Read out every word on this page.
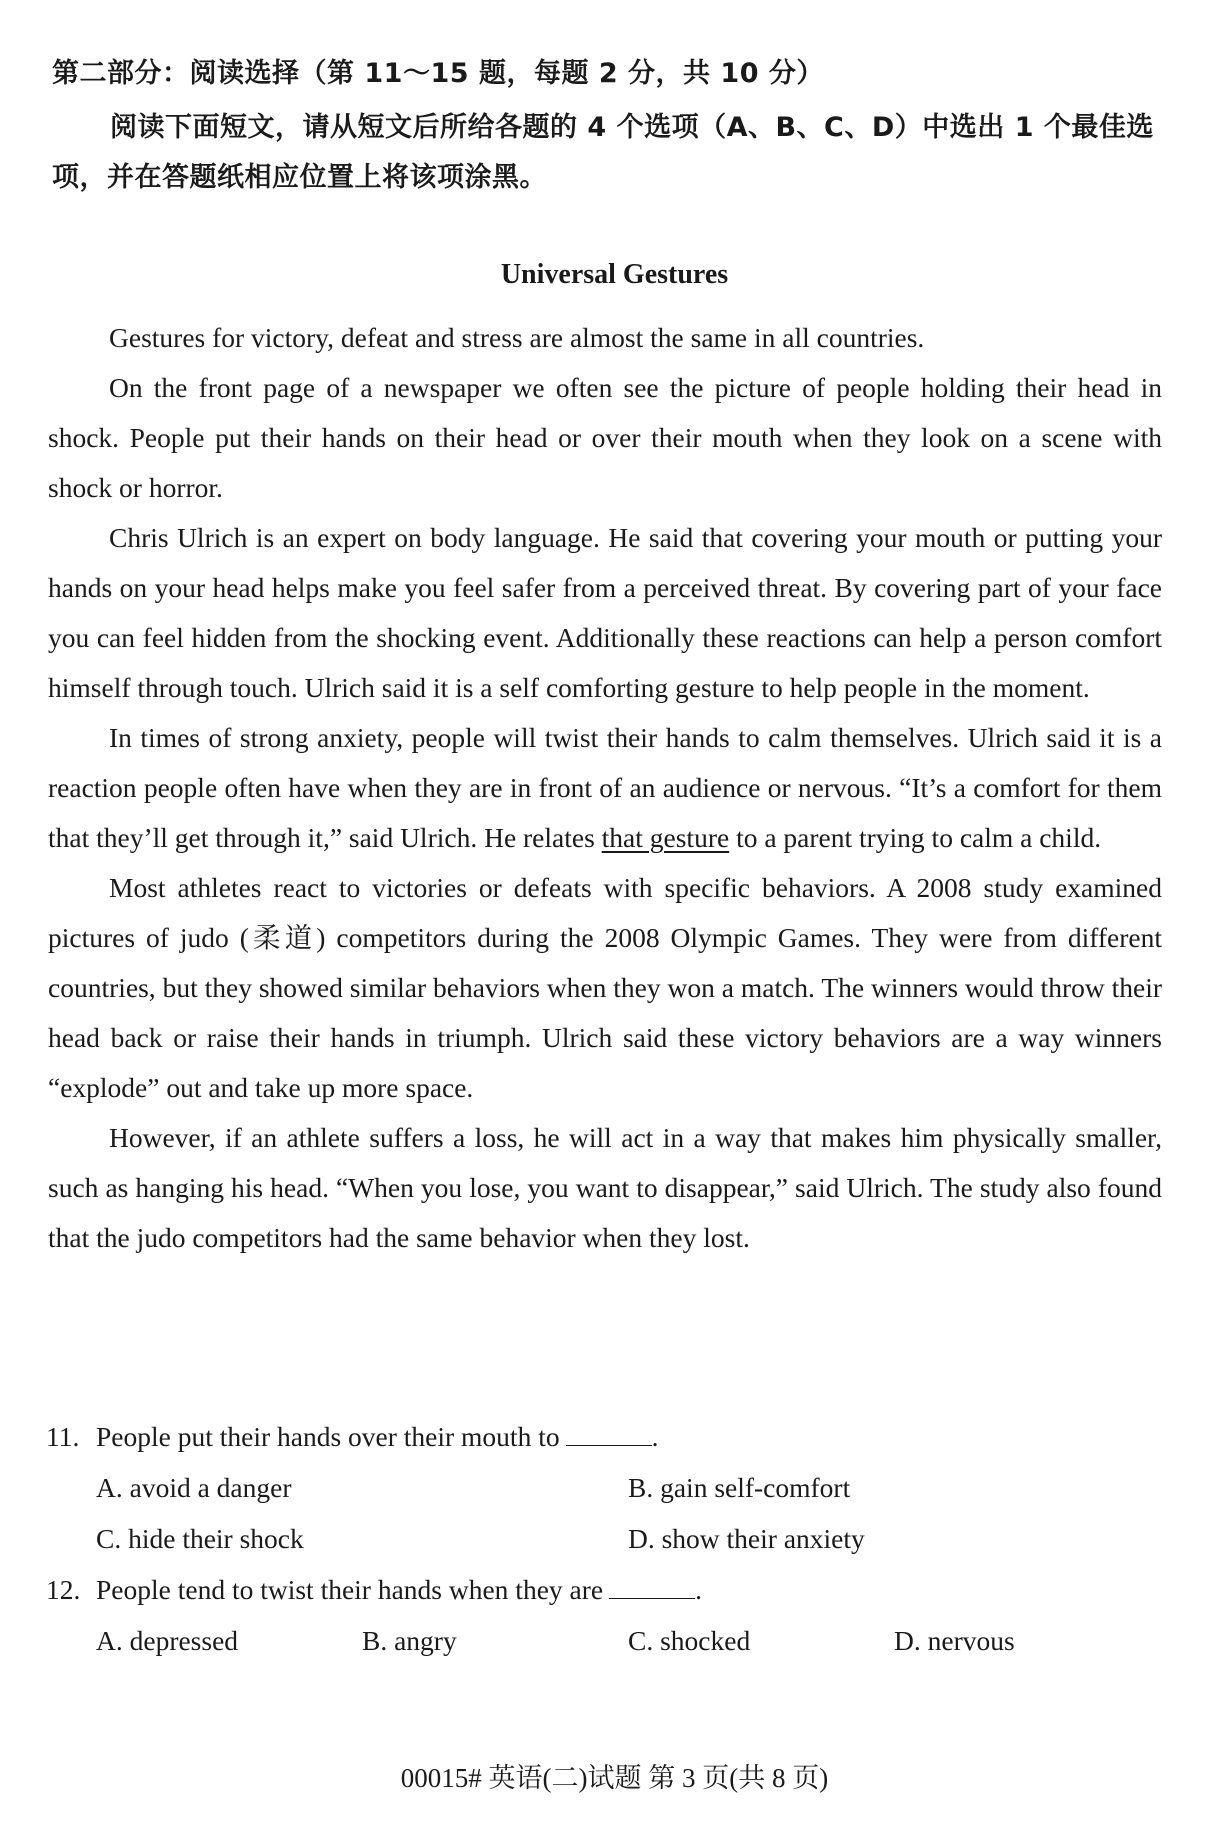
第二部分：阅读选择（第 11～15 题，每题 2 分，共 10 分）
阅读下面短文，请从短文后所给各题的 4 个选项（A、B、C、D）中选出 1 个最佳选项，并在答题纸相应位置上将该项涂黑。
Universal Gestures

Gestures for victory, defeat and stress are almost the same in all countries.

On the front page of a newspaper we often see the picture of people holding their head in shock. People put their hands on their head or over their mouth when they look on a scene with shock or horror.

Chris Ulrich is an expert on body language. He said that covering your mouth or putting your hands on your head helps make you feel safer from a perceived threat. By covering part of your face you can feel hidden from the shocking event. Additionally these reactions can help a person comfort himself through touch. Ulrich said it is a self comforting gesture to help people in the moment.

In times of strong anxiety, people will twist their hands to calm themselves. Ulrich said it is a reaction people often have when they are in front of an audience or nervous. “It’s a comfort for them that they’ll get through it,” said Ulrich. He relates that gesture to a parent trying to calm a child.

Most athletes react to victories or defeats with specific behaviors. A 2008 study examined pictures of judo (柔道) competitors during the 2008 Olympic Games. They were from different countries, but they showed similar behaviors when they won a match. The winners would throw their head back or raise their hands in triumph. Ulrich said these victory behaviors are a way winners “explode” out and take up more space.

However, if an athlete suffers a loss, he will act in a way that makes him physically smaller, such as hanging his head. “When you lose, you want to disappear,” said Ulrich. The study also found that the judo competitors had the same behavior when they lost.

11. People put their hands over their mouth to	.
A. avoid a danger	B. gain self-comfort
C. hide their shock	D. show their anxiety
12. People tend to twist their hands when they are	.
A. depressed	B. angry	C. shocked	D. nervous
00015# 英语(二)试题 第 3 页(共 8 页)
